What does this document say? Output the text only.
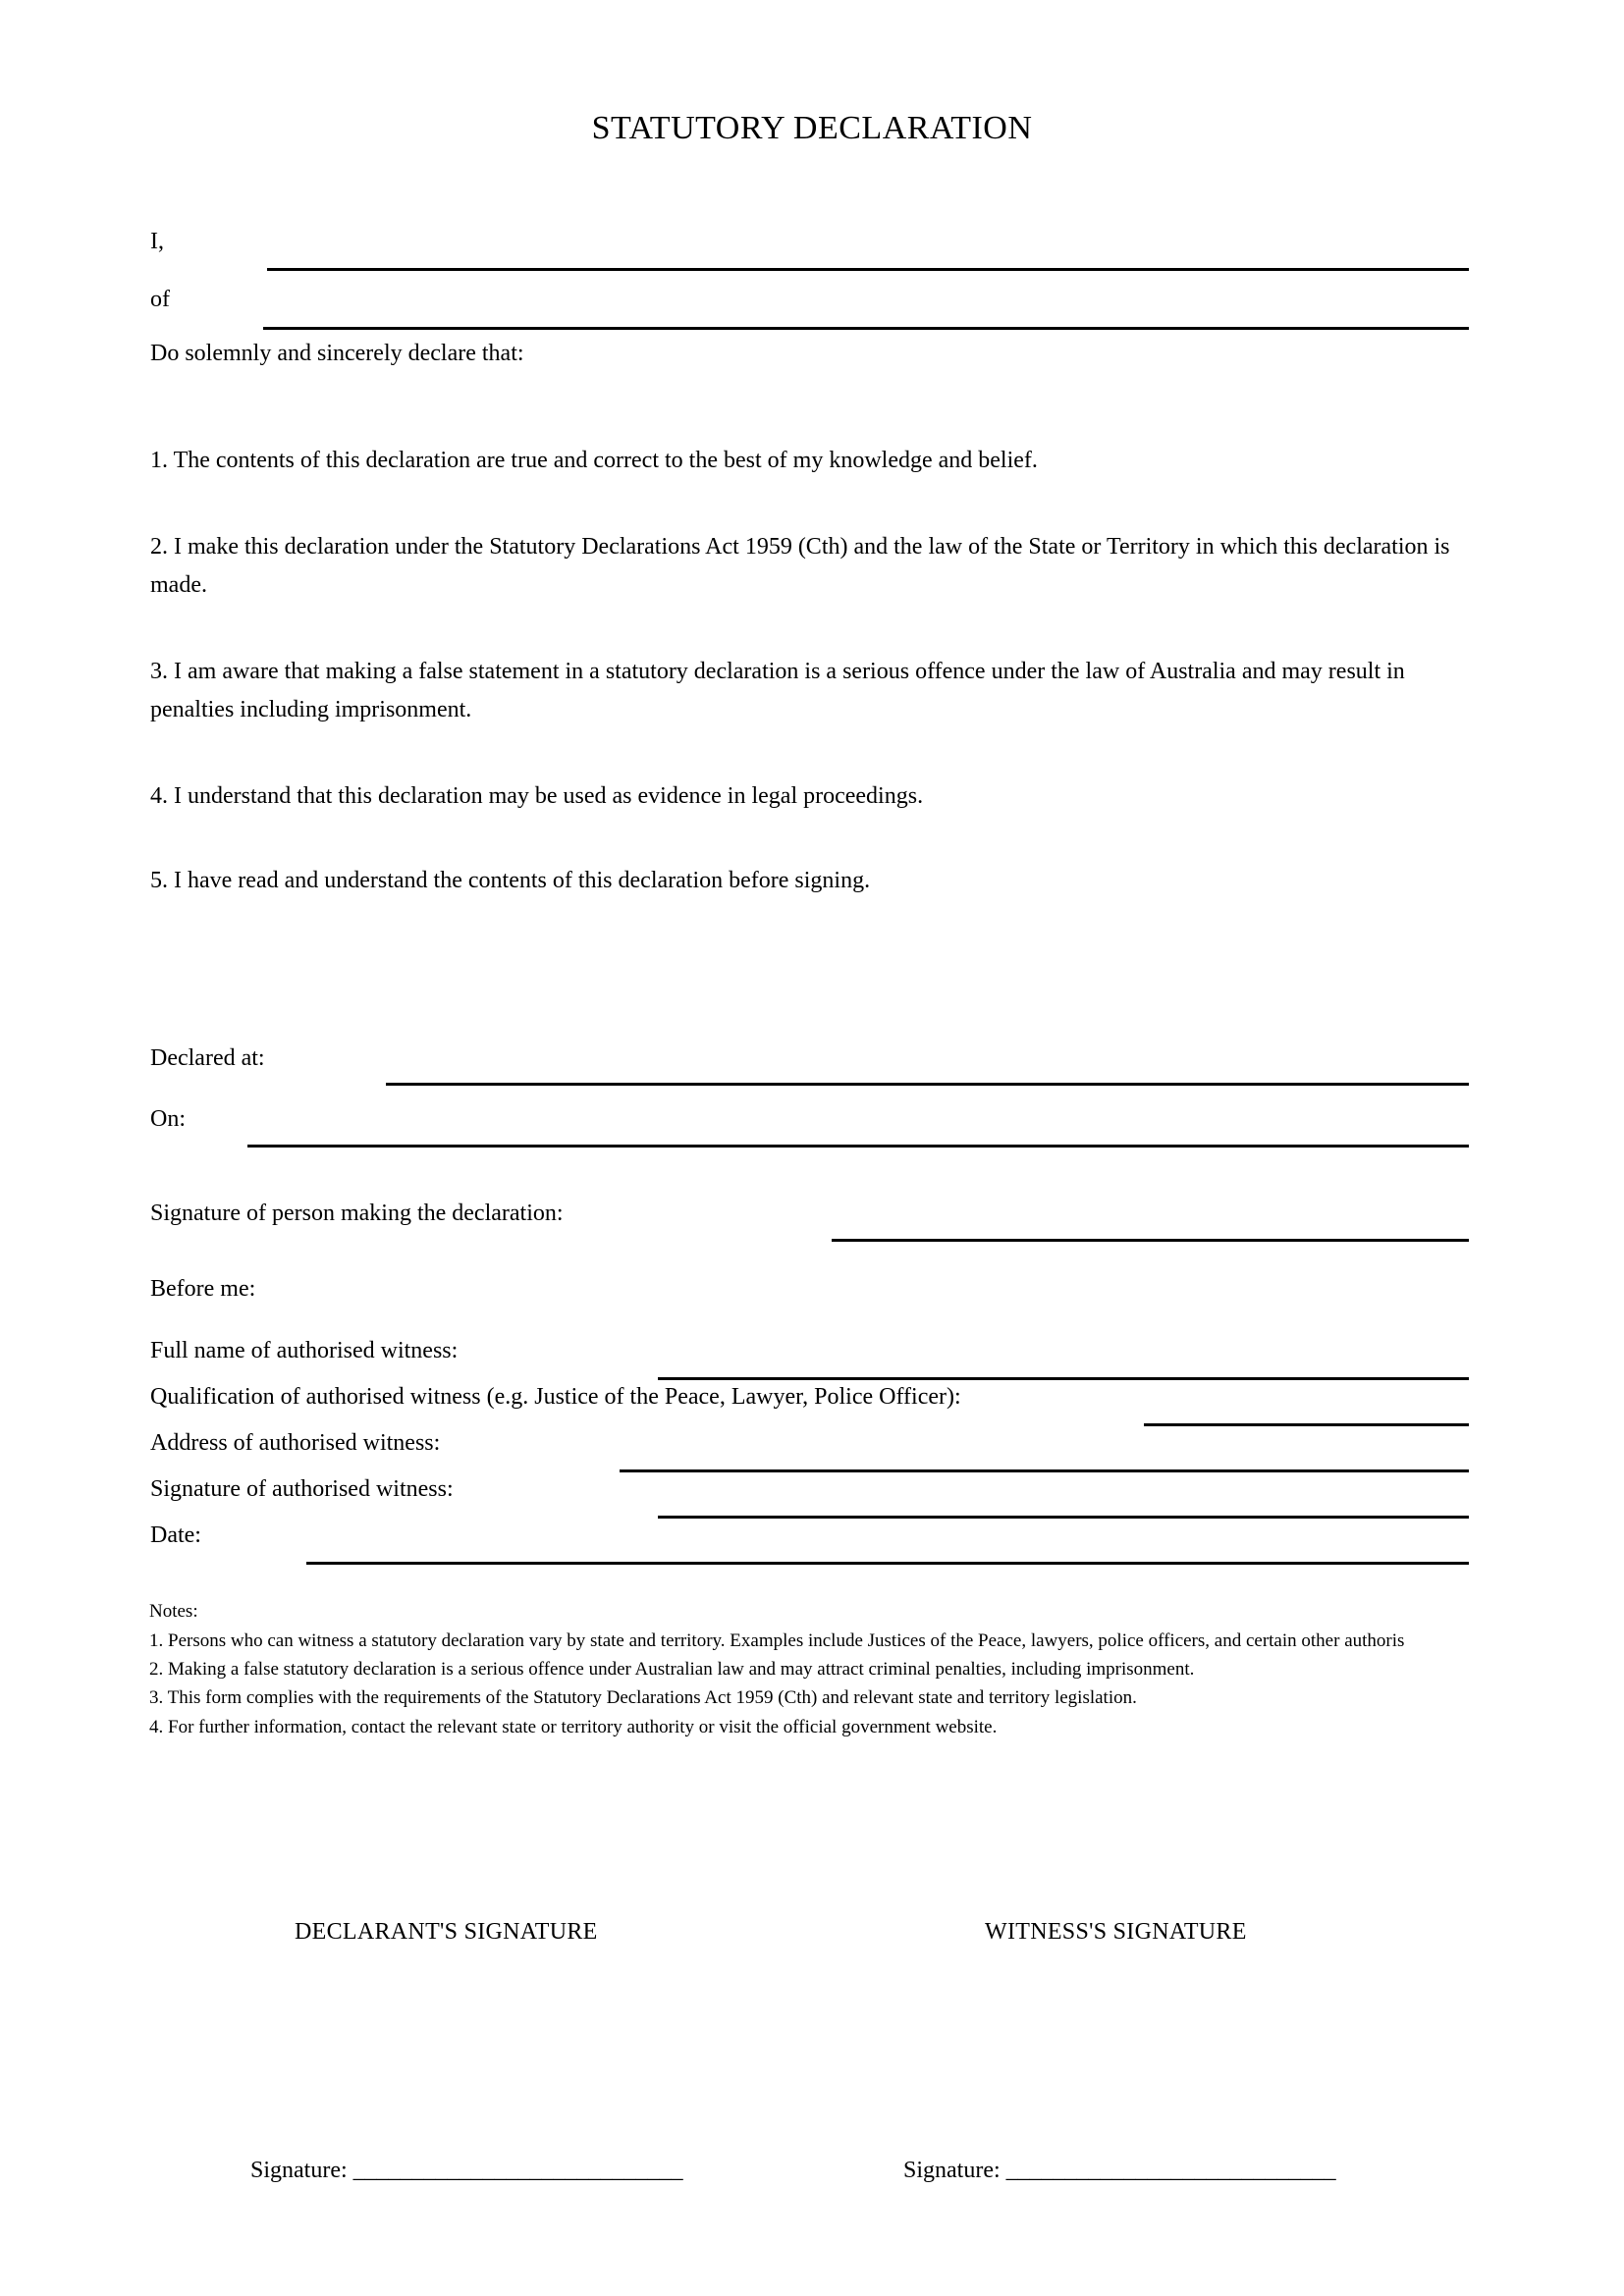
STATUTORY DECLARATION
I,
of
Do solemnly and sincerely declare that:
1. The contents of this declaration are true and correct to the best of my knowledge and belief.
2. I make this declaration under the Statutory Declarations Act 1959 (Cth) and the law of the State or Territory in which this declaration is made.
3. I am aware that making a false statement in a statutory declaration is a serious offence under the law of Australia and may result in penalties including imprisonment.
4. I understand that this declaration may be used as evidence in legal proceedings.
5. I have read and understand the contents of this declaration before signing.
Declared at:
On:
Signature of person making the declaration:
Before me:
Full name of authorised witness:
Qualification of authorised witness (e.g. Justice of the Peace, Lawyer, Police Officer):
Address of authorised witness:
Signature of authorised witness:
Date:
Notes:
1. Persons who can witness a statutory declaration vary by state and territory. Examples include Justices of the Peace, lawyers, police officers, and certain other authoris
2. Making a false statutory declaration is a serious offence under Australian law and may attract criminal penalties, including imprisonment.
3. This form complies with the requirements of the Statutory Declarations Act 1959 (Cth) and relevant state and territory legislation.
4. For further information, contact the relevant state or territory authority or visit the official government website.
DECLARANT'S SIGNATURE	WITNESS'S SIGNATURE
Signature: ____________________________	Signature: ____________________________
